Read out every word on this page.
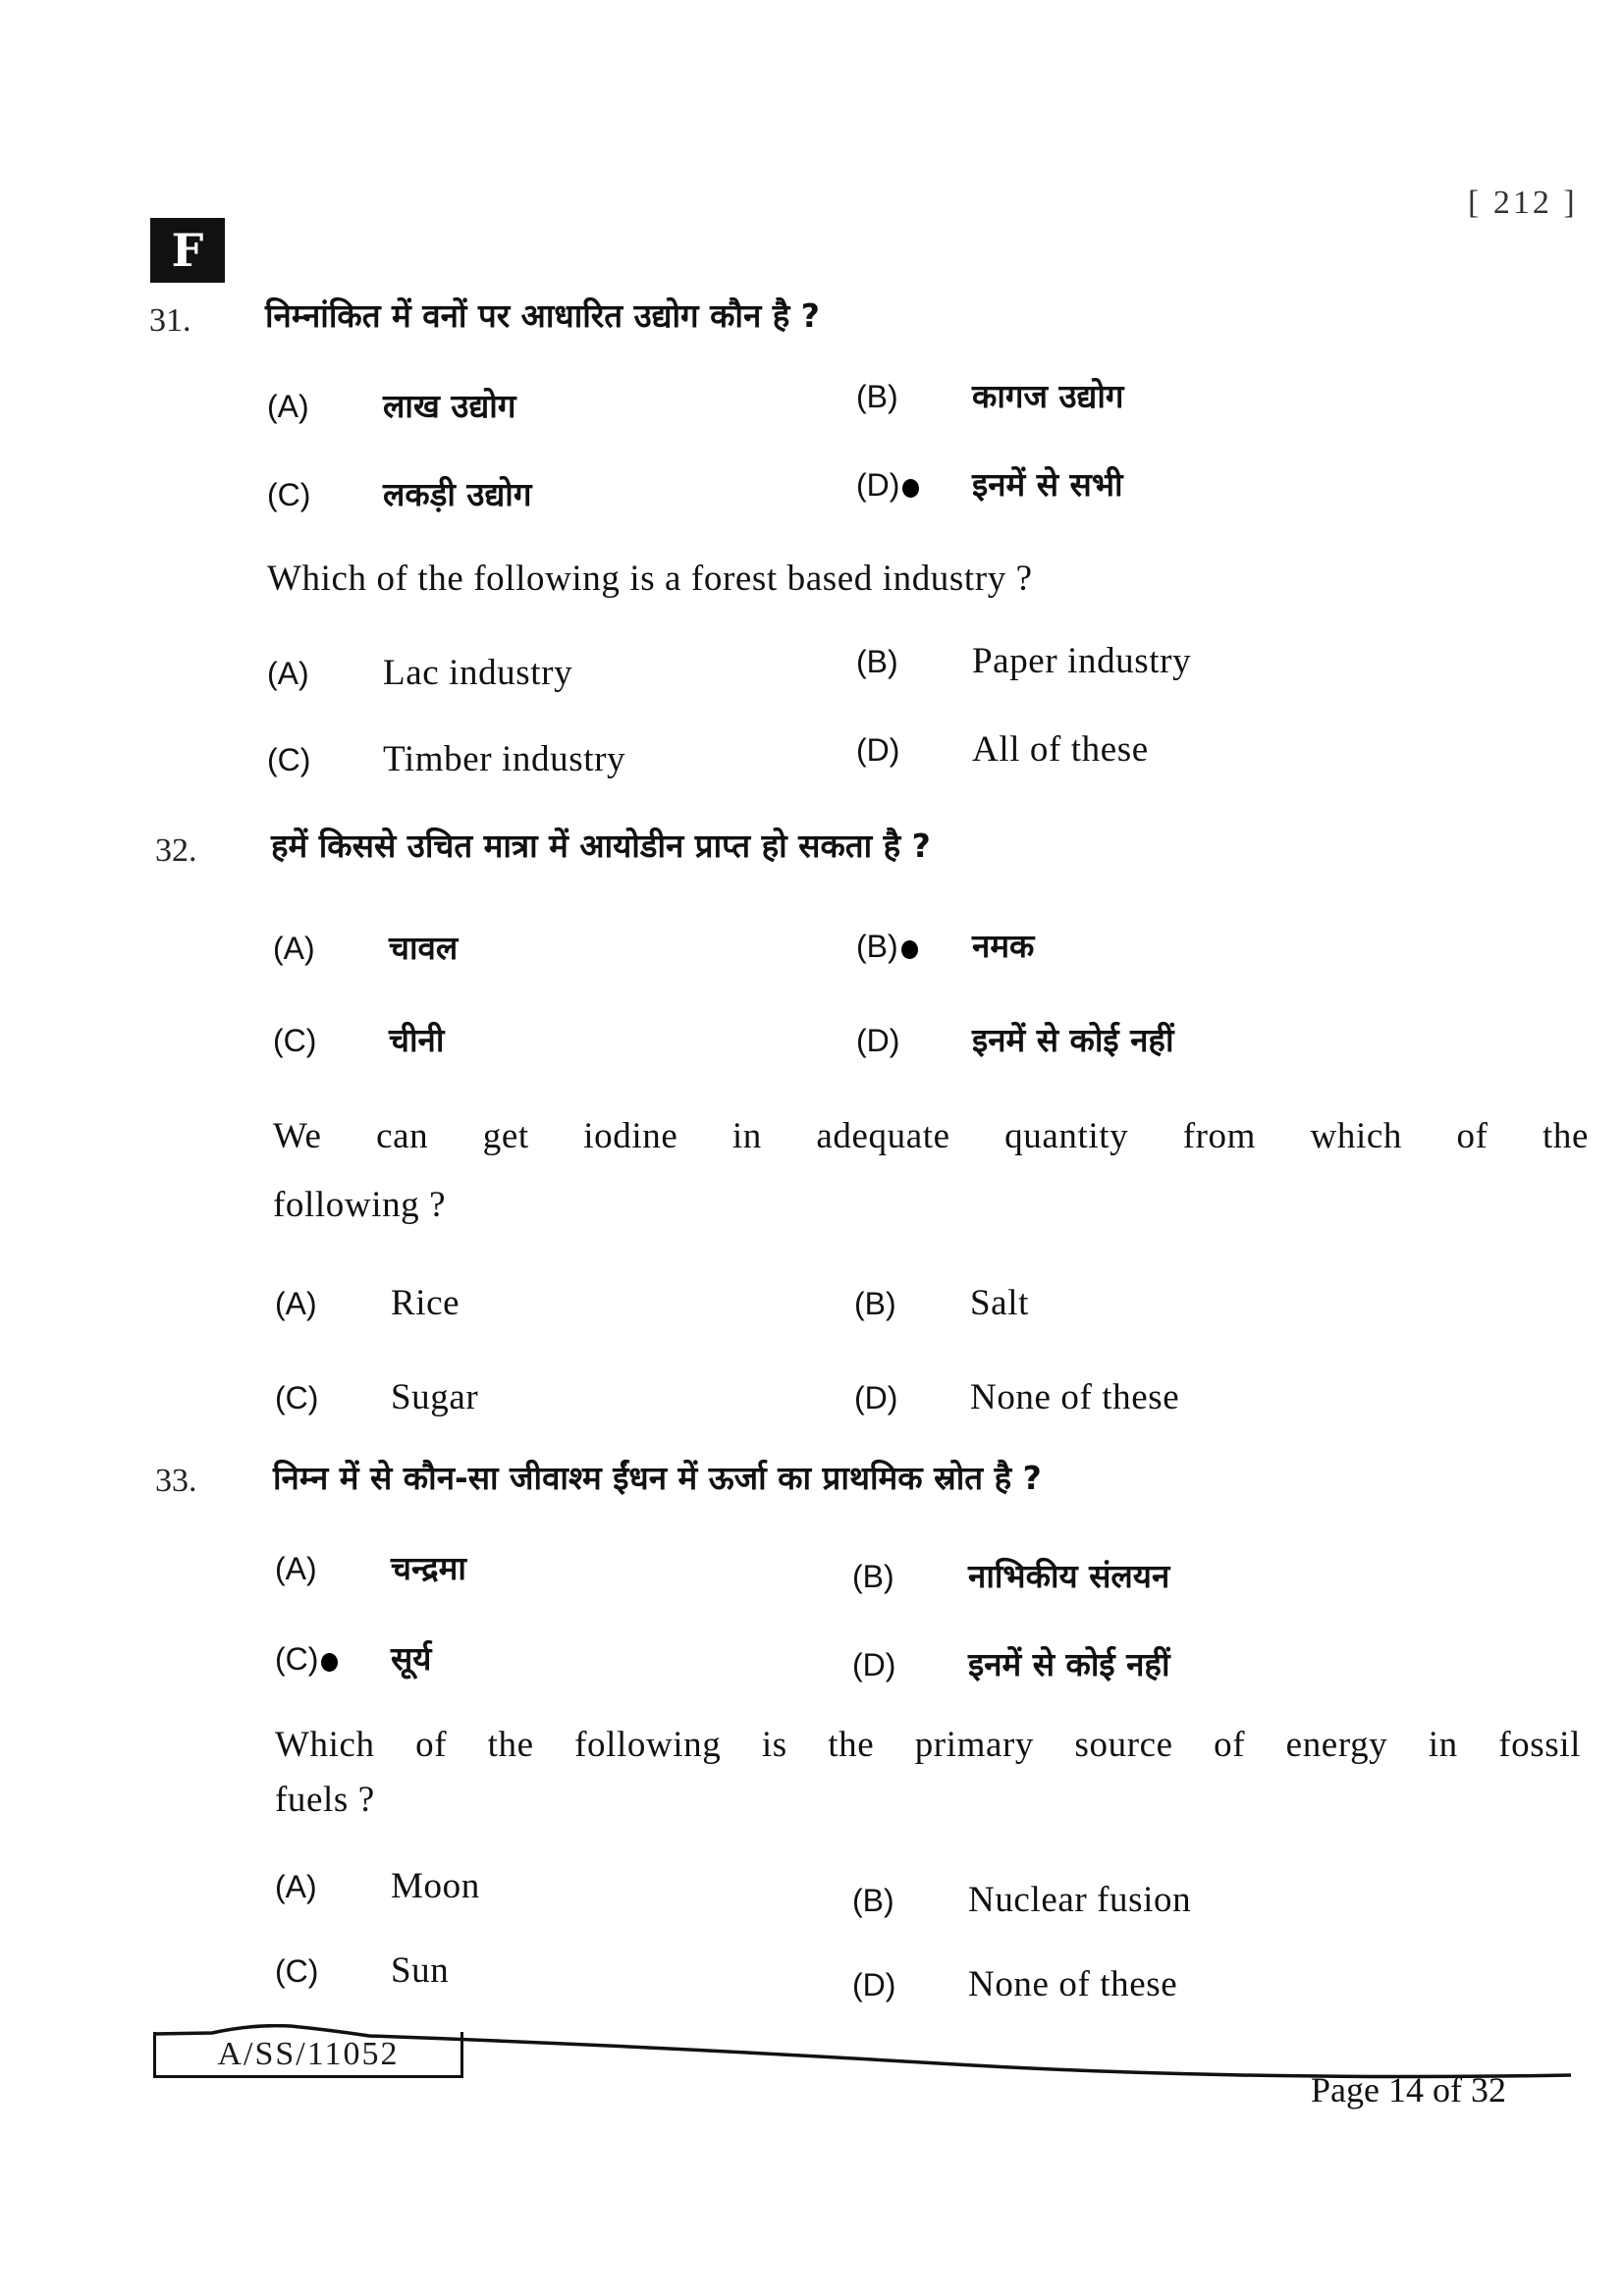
[ 212 ]
F
31. निम्नांकित में वनों पर आधारित उद्योग कौन है ?
(A)	लाख उद्योग	(B)	कागज उद्योग
(C)	लकड़ी उद्योग	(D)	इनमें से सभी
Which of the following is a forest based industry ?
(A)	Lac industry	(B)	Paper industry
(C)	Timber industry	(D)	All of these
32. हमें किससे उचित मात्रा में आयोडीन प्राप्त हो सकता है ?
(A)	चावल	(B)	नमक
(C)	चीनी	(D)	इनमें से कोई नहीं
We can get iodine in adequate quantity from which of the
following ?
(A)	Rice	(B)	Salt
(C)	Sugar	(D)	None of these
33. निम्न में से कौन-सा जीवाश्म ईंधन में ऊर्जा का प्राथमिक स्रोत है ?
(A)	चन्द्रमा	(B)	नाभिकीय संलयन
(C)	सूर्य	(D)	इनमें से कोई नहीं
Which of the following is the primary source of energy in fossil
fuels ?
(A)	Moon	(B)	Nuclear fusion
(C)	Sun	(D)	None of these
A/SS/11052
Page 14 of 32
